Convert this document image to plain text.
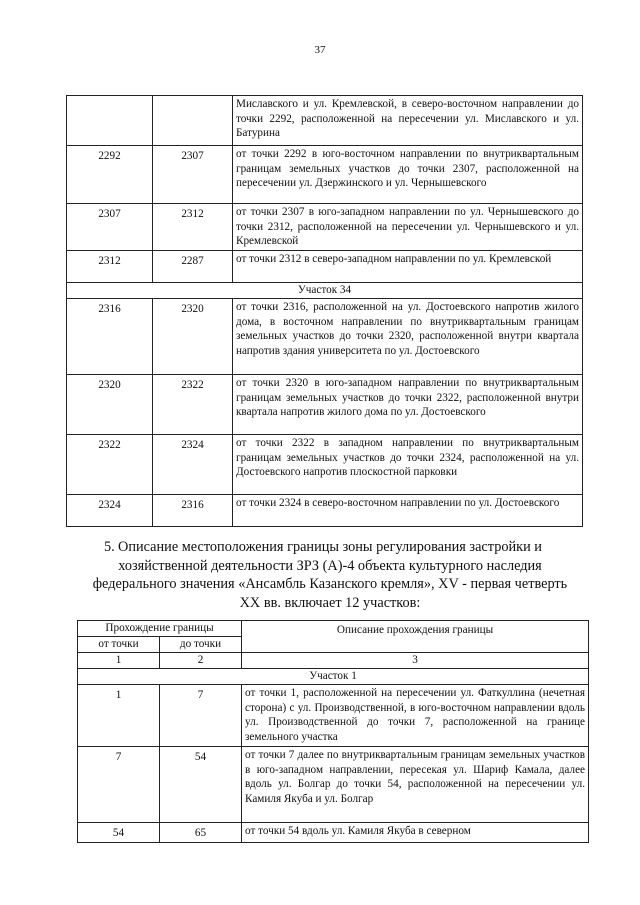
37
		Миславского и ул. Кремлевской, в северо-восточном направлении до точки 2292, расположенной на пересечении ул. Миславского и ул. Батурина
2292	2307	от точки 2292 в юго-восточном направлении по внутриквартальным границам земельных участков до точки 2307, расположенной на пересечении ул. Дзержинского и ул. Чернышевского
2307	2312	от точки 2307 в юго-западном направлении по ул. Чернышевского до точки 2312, расположенной на пересечении ул. Чернышевского и ул. Кремлевской
2312	2287	от точки 2312 в северо-западном направлении по ул. Кремлевской
Участок 34		
2316	2320	от точки 2316, расположенной на ул. Достоевского напротив жилого дома, в восточном направлении по внутриквартальным границам земельных участков до точки 2320, расположенной внутри квартала напротив здания университета по ул. Достоевского
2320	2322	от точки 2320 в юго-западном направлении по внутриквартальным границам земельных участков до точки 2322, расположенной внутри квартала напротив жилого дома по ул. Достоевского
2322	2324	от точки 2322 в западном направлении по внутриквартальным границам земельных участков до точки 2324, расположенной на ул. Достоевского напротив плоскостной парковки
2324	2316	от точки 2324 в северо-восточном направлении по ул. Достоевского
5. Описание местоположения границы зоны регулирования застройки и
хозяйственной деятельности ЗРЗ (А)-4 объекта культурного наследия
федерального значения «Ансамбль Казанского кремля», XV - первая четверть
XX вв. включает 12 участков:
Прохождение границы		Описание прохождения границы
от точки	до точки	
1	2	3
Участок 1		
1	7	от точки 1, расположенной на пересечении ул. Фаткуллина (нечетная сторона) с ул. Производственной, в юго-восточном направлении вдоль ул. Производственной до точки 7, расположенной на границе земельного участка
7	54	от точки 7 далее по внутриквартальным границам земельных участков в юго-западном направлении, пересекая ул. Шариф Камала, далее вдоль ул. Болгар до точки 54, расположенной на пересечении ул. Камиля Якуба и ул. Болгар
54	65	от точки 54 вдоль ул. Камиля Якуба в северном
